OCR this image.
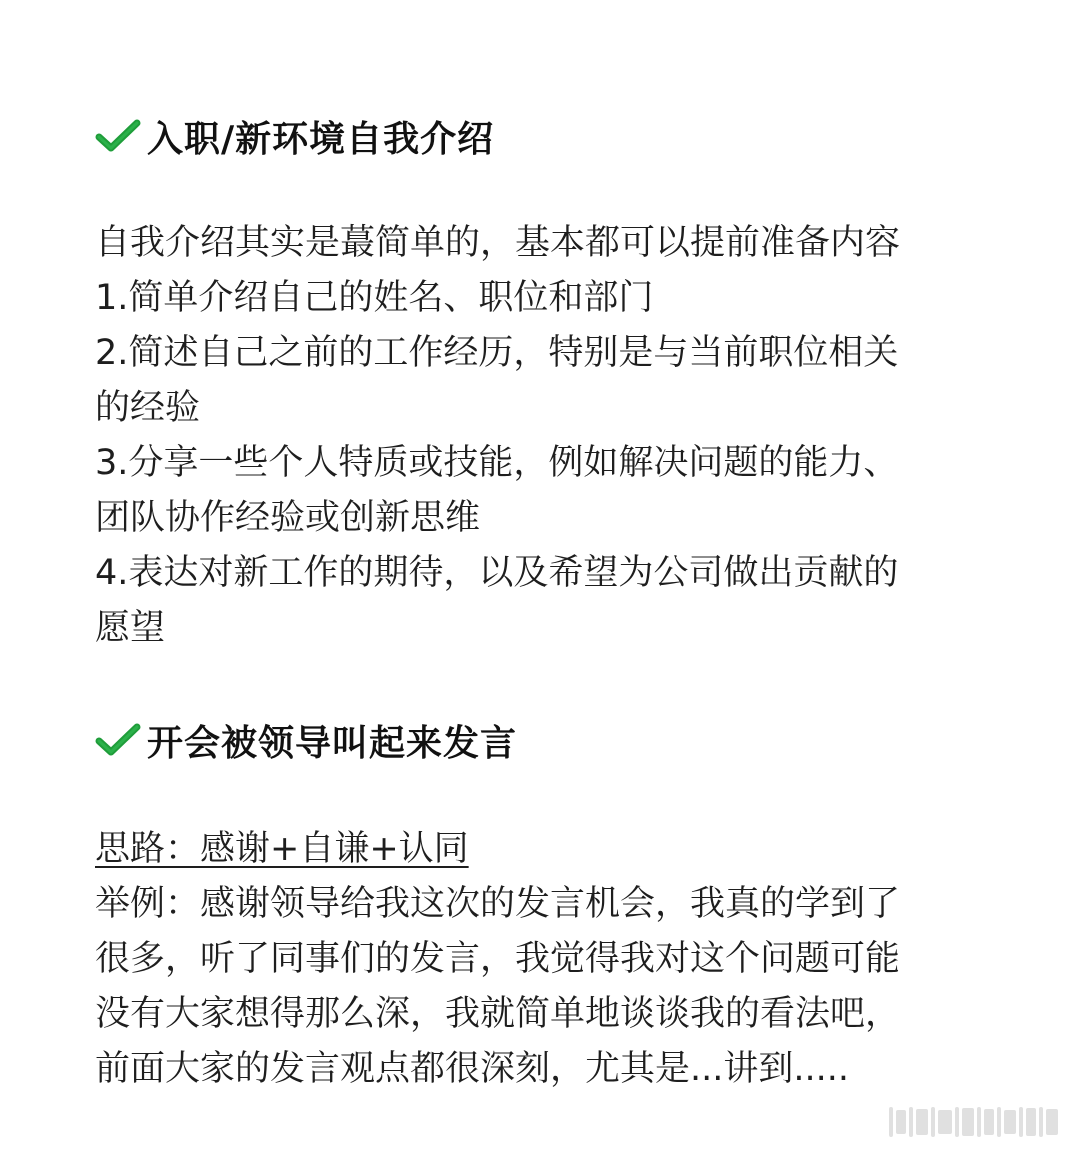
入职/新环境自我介绍
自我介绍其实是蕞简单的，基本都可以提前准备内容
1.简单介绍自己的姓名、职位和部门
2.简述自己之前的工作经历，特别是与当前职位相关
的经验
3.分享一些个人特质或技能，例如解决问题的能力、
团队协作经验或创新思维
4.表达对新工作的期待，以及希望为公司做出贡献的
愿望
开会被领导叫起来发言
思路：感谢+自谦+认同
举例：感谢领导给我这次的发言机会，我真的学到了
很多，听了同事们的发言，我觉得我对这个问题可能
没有大家想得那么深，我就简单地谈谈我的看法吧，
前面大家的发言观点都很深刻，尤其是...讲到.....
